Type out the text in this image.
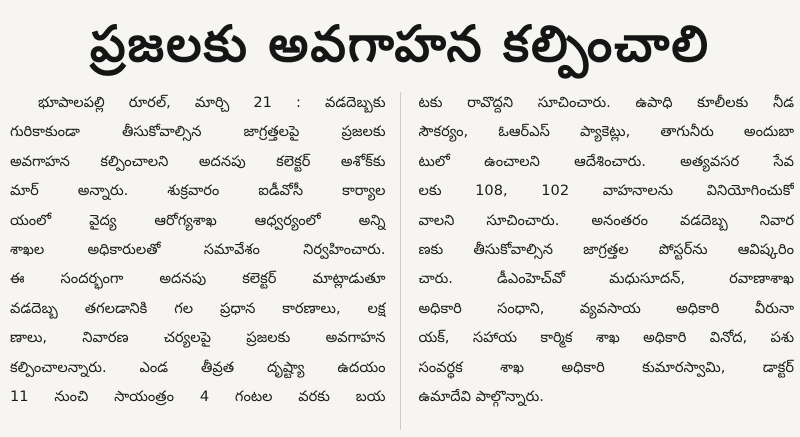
ప్రజలకు అవగాహన కల్పించాలి
భూపాలపల్లి రూరల్, మార్చి 21 : వడదెబ్బకు
గురికాకుండా తీసుకోవాల్సిన జాగ్రత్తలపై ప్రజలకు
అవగాహన కల్పించాలని అదనపు కలెక్టర్ అశోక్‌కు
మార్ అన్నారు. శుక్రవారం ఐడీవోసీ కార్యాల
యంలో వైద్య ఆరోగ్యశాఖ ఆధ్వర్యంలో అన్ని
శాఖల అధికారులతో సమావేశం నిర్వహించారు.
ఈ సందర్భంగా అదనపు కలెక్టర్ మాట్లాడుతూ
వడదెబ్బ తగలడానికి గల ప్రధాన కారణాలు, లక్ష
ణాలు, నివారణ చర్యలపై ప్రజలకు అవగాహన
కల్పించాలన్నారు. ఎండ తీవ్రత దృష్ట్యా ఉదయం
11 నుంచి సాయంత్రం 4 గంటల వరకు బయ
టకు రావొద్దని సూచించారు. ఉపాధి కూలీలకు నీడ
సౌకర్యం, ఓఆర్ఎస్ ప్యాకెట్లు, తాగునీరు అందుబా
టులో ఉంచాలని ఆదేశించారు. అత్యవసర సేవ
లకు 108, 102 వాహనాలను వినియోగించుకో
వాలని సూచించారు. అనంతరం వడదెబ్బ నివార
ణకు తీసుకోవాల్సిన జాగ్రత్తల పోస్టర్‌ను ఆవిష్కరిం
చారు. డీఎంహెచ్‌వో మధుసూదన్, రవాణాశాఖ
అధికారి సంధాని, వ్యవసాయ అధికారి వీరునా
యక్, సహాయ కార్మిక శాఖ అధికారి వినోద, పశు
సంవర్థక శాఖ అధికారి కుమారస్వామి, డాక్టర్
ఉమాదేవి పాల్గొన్నారు.
